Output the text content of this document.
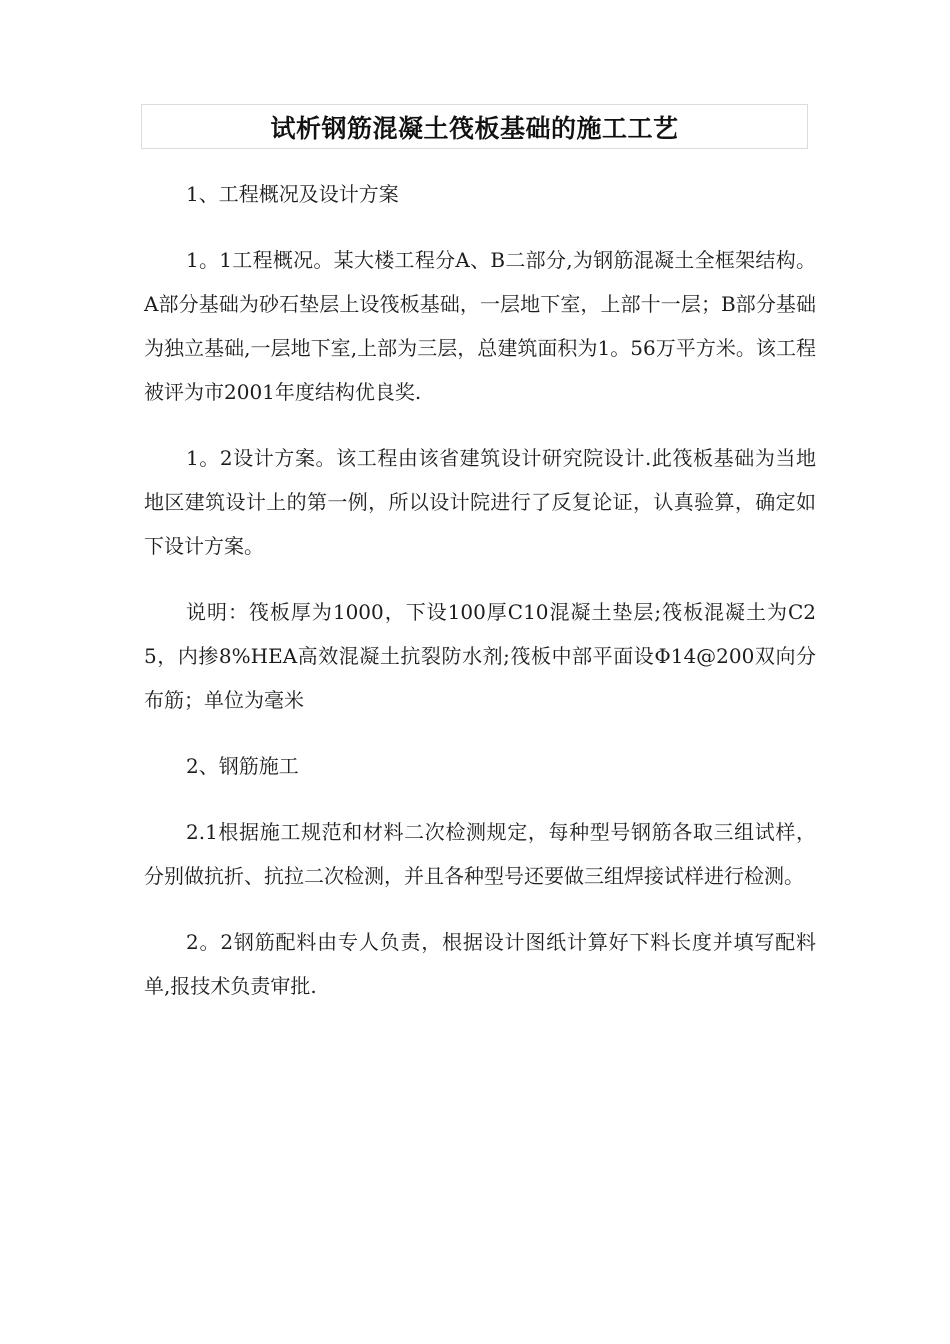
试析钢筋混凝土筏板基础的施工工艺

1、工程概况及设计方案

1。1工程概况。某大楼工程分A、B二部分,为钢筋混凝土全框架结构。A部分基础为砂石垫层上设筏板基础，一层地下室，上部十一层；B部分基础为独立基础,一层地下室,上部为三层，总建筑面积为1。56万平方米。该工程被评为市2001年度结构优良奖.

1。2设计方案。该工程由该省建筑设计研究院设计.此筏板基础为当地地区建筑设计上的第一例，所以设计院进行了反复论证，认真验算，确定如下设计方案。

说明：筏板厚为1000，下设100厚C10混凝土垫层;筏板混凝土为C25，内掺8%HEA高效混凝土抗裂防水剂;筏板中部平面设Φ14@200双向分布筋；单位为毫米

2、钢筋施工

2.1根据施工规范和材料二次检测规定，每种型号钢筋各取三组试样，分别做抗折、抗拉二次检测，并且各种型号还要做三组焊接试样进行检测。

2。2钢筋配料由专人负责，根据设计图纸计算好下料长度并填写配料单,报技术负责审批.
